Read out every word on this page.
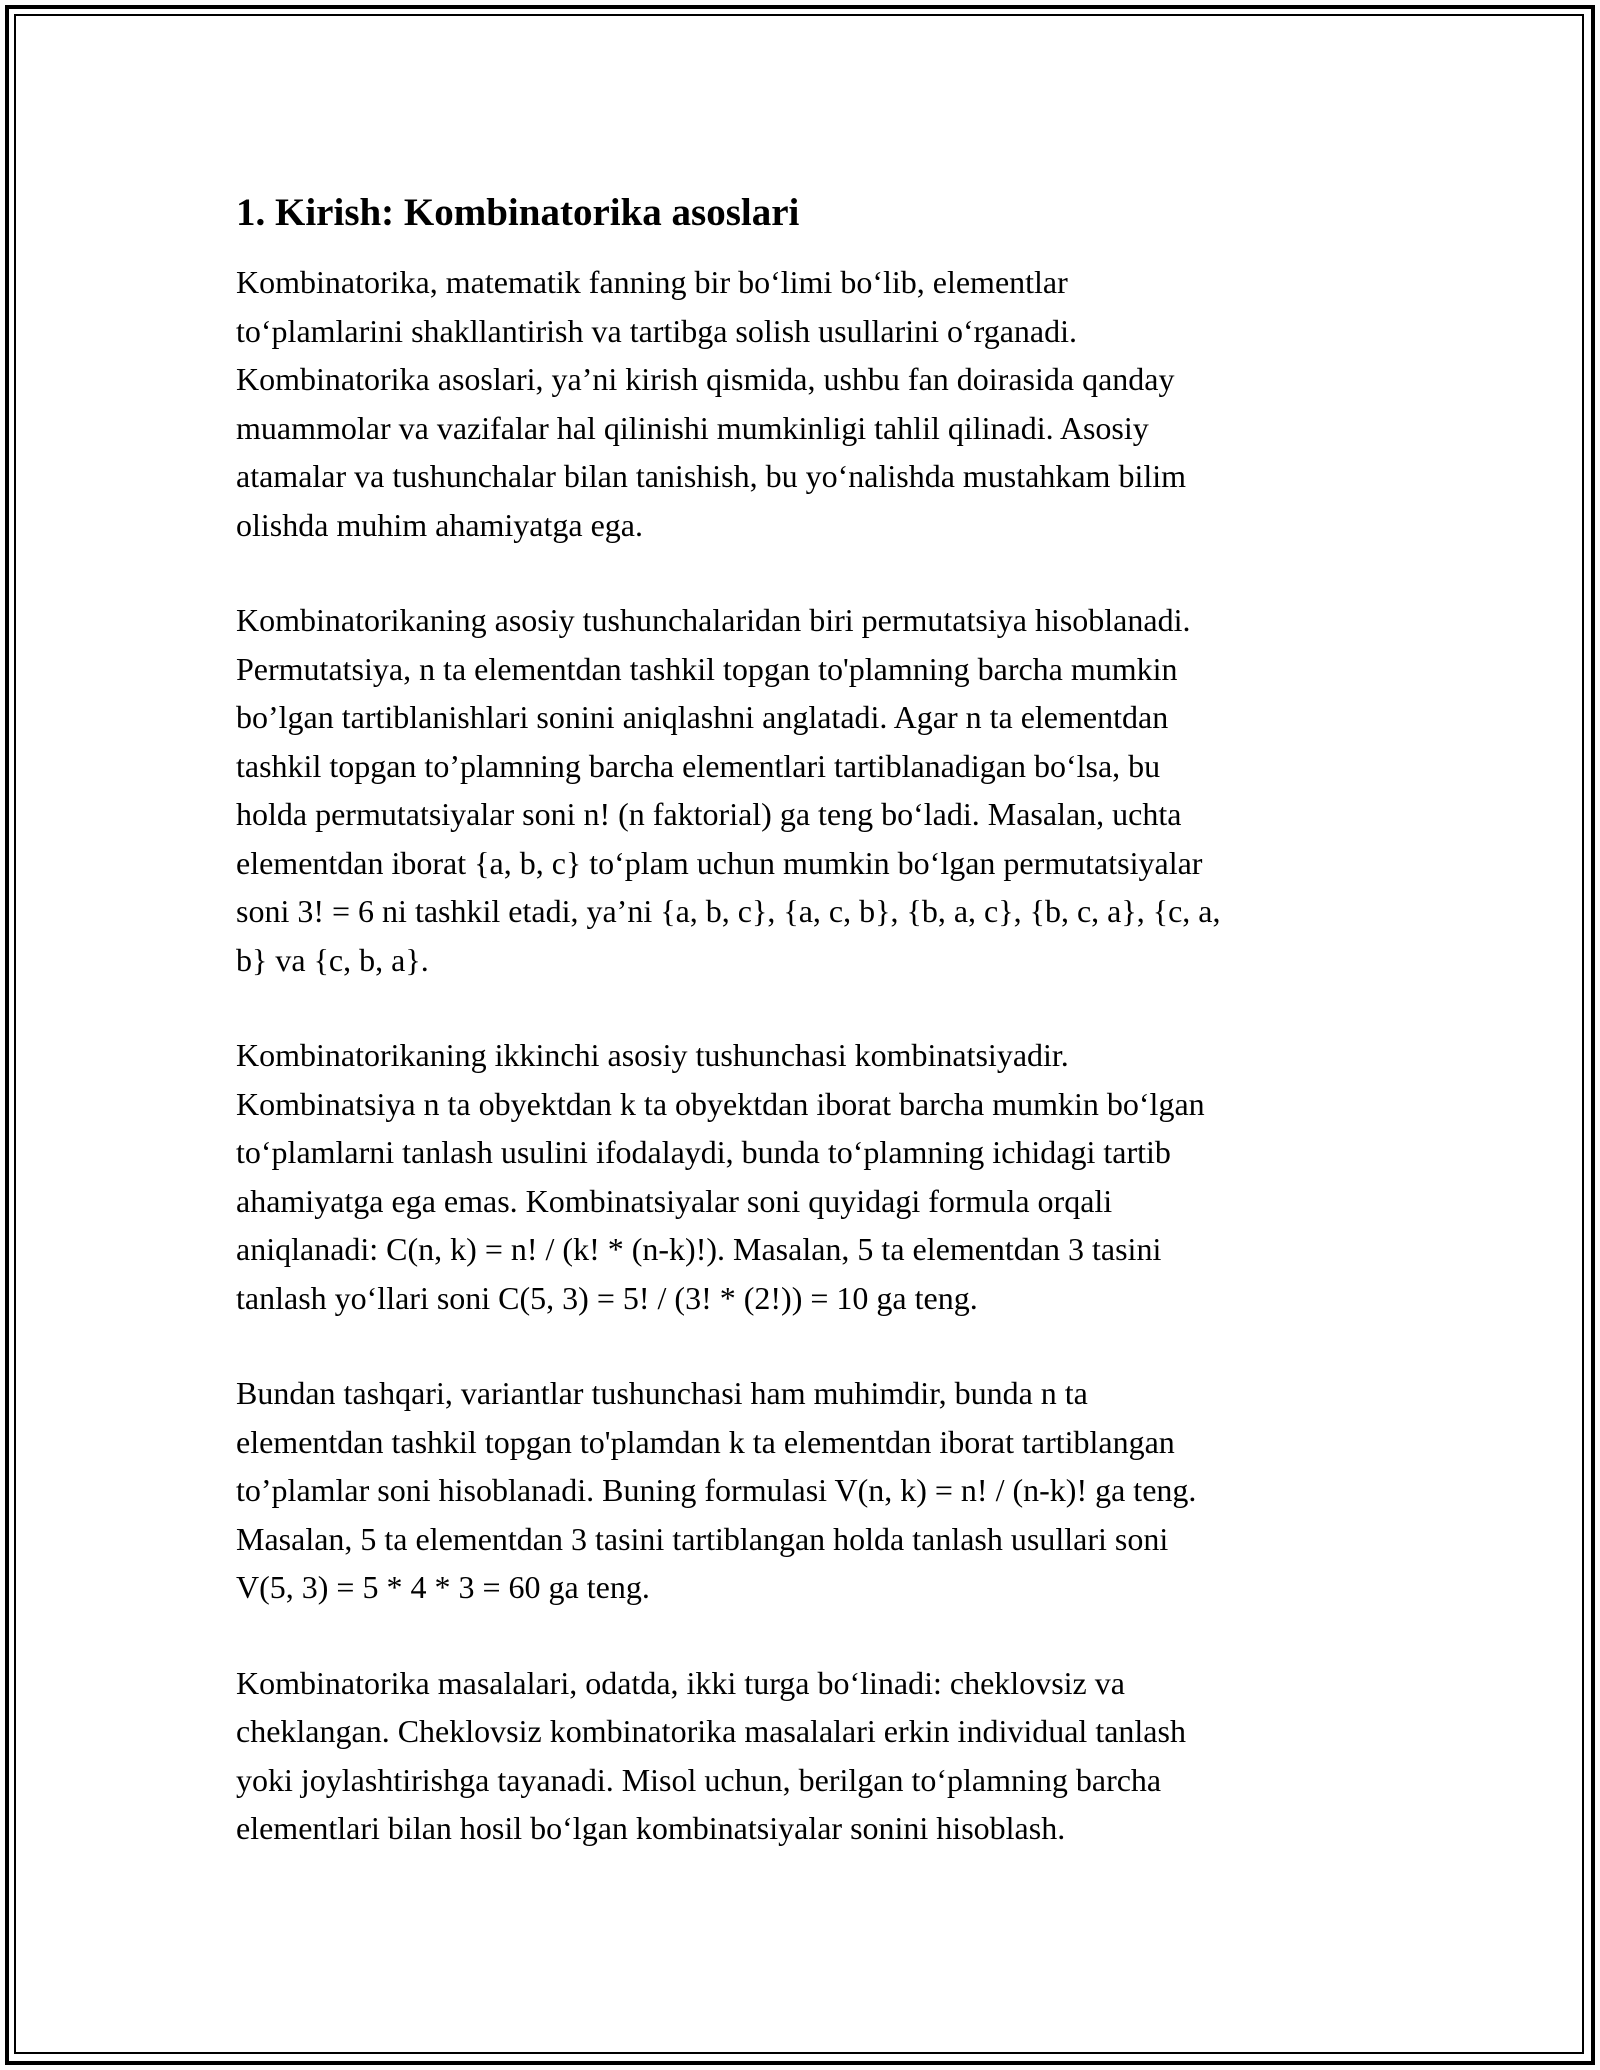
1. Kirish: Kombinatorika asoslari

Kombinatorika, matematik fanning bir bo‘limi bo‘lib, elementlar
to‘plamlarini shakllantirish va tartibga solish usullarini o‘rganadi.
Kombinatorika asoslari, ya’ni kirish qismida, ushbu fan doirasida qanday
muammolar va vazifalar hal qilinishi mumkinligi tahlil qilinadi. Asosiy
atamalar va tushunchalar bilan tanishish, bu yo‘nalishda mustahkam bilim
olishda muhim ahamiyatga ega.

Kombinatorikaning asosiy tushunchalaridan biri permutatsiya hisoblanadi.
Permutatsiya, n ta elementdan tashkil topgan to'plamning barcha mumkin
bo’lgan tartiblanishlari sonini aniqlashni anglatadi. Agar n ta elementdan
tashkil topgan to’plamning barcha elementlari tartiblanadigan bo‘lsa, bu
holda permutatsiyalar soni n! (n faktorial) ga teng bo‘ladi. Masalan, uchta
elementdan iborat {a, b, c} to‘plam uchun mumkin bo‘lgan permutatsiyalar
soni 3! = 6 ni tashkil etadi, ya’ni {a, b, c}, {a, c, b}, {b, a, c}, {b, c, a}, {c, a,
b} va {c, b, a}.

Kombinatorikaning ikkinchi asosiy tushunchasi kombinatsiyadir.
Kombinatsiya n ta obyektdan k ta obyektdan iborat barcha mumkin bo‘lgan
to‘plamlarni tanlash usulini ifodalaydi, bunda to‘plamning ichidagi tartib
ahamiyatga ega emas. Kombinatsiyalar soni quyidagi formula orqali
aniqlanadi: C(n, k) = n! / (k! * (n-k)!). Masalan, 5 ta elementdan 3 tasini
tanlash yo‘llari soni C(5, 3) = 5! / (3! * (2!)) = 10 ga teng.

Bundan tashqari, variantlar tushunchasi ham muhimdir, bunda n ta
elementdan tashkil topgan to'plamdan k ta elementdan iborat tartiblangan
to’plamlar soni hisoblanadi. Buning formulasi V(n, k) = n! / (n-k)! ga teng.
Masalan, 5 ta elementdan 3 tasini tartiblangan holda tanlash usullari soni
V(5, 3) = 5 * 4 * 3 = 60 ga teng.

Kombinatorika masalalari, odatda, ikki turga bo‘linadi: cheklovsiz va
cheklangan. Cheklovsiz kombinatorika masalalari erkin individual tanlash
yoki joylashtirishga tayanadi. Misol uchun, berilgan to‘plamning barcha
elementlari bilan hosil bo‘lgan kombinatsiyalar sonini hisoblash.
